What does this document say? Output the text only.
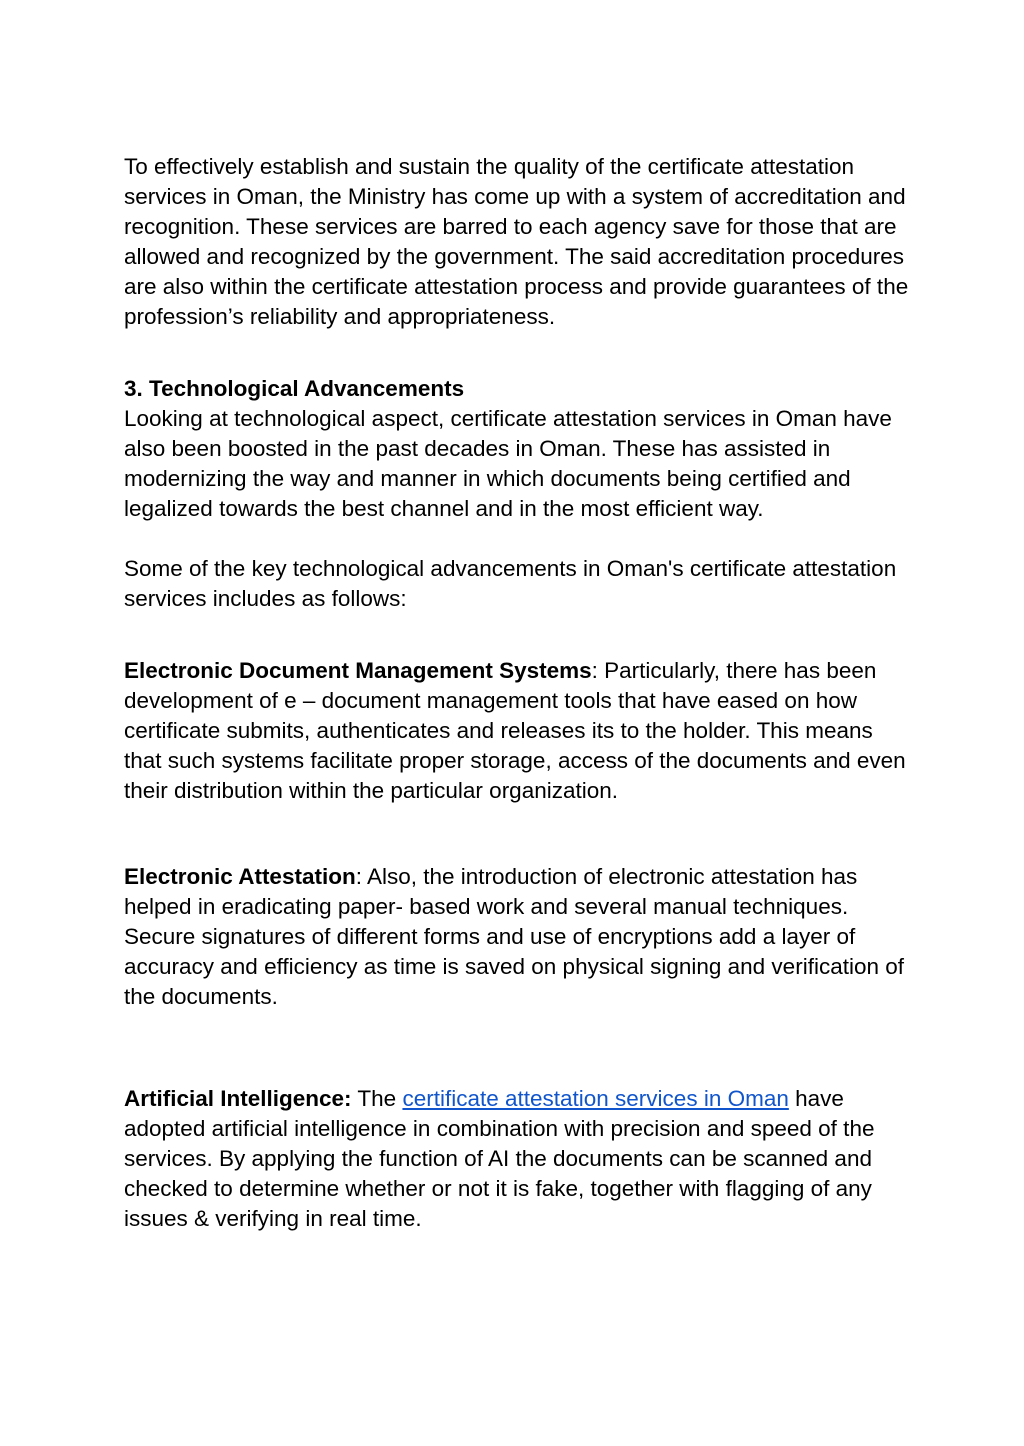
To effectively establish and sustain the quality of the certificate attestation services in Oman, the Ministry has come up with a system of accreditation and recognition. These services are barred to each agency save for those that are allowed and recognized by the government. The said accreditation procedures are also within the certificate attestation process and provide guarantees of the profession’s reliability and appropriateness.

3. Technological Advancements

Looking at technological aspect, certificate attestation services in Oman have also been boosted in the past decades in Oman. These has assisted in modernizing the way and manner in which documents being certified and legalized towards the best channel and in the most efficient way.

Some of the key technological advancements in Oman's certificate attestation services includes as follows:

Electronic Document Management Systems: Particularly, there has been development of e – document management tools that have eased on how certificate submits, authenticates and releases its to the holder. This means that such systems facilitate proper storage, access of the documents and even their distribution within the particular organization.

Electronic Attestation: Also, the introduction of electronic attestation has helped in eradicating paper- based work and several manual techniques. Secure signatures of different forms and use of encryptions add a layer of accuracy and efficiency as time is saved on physical signing and verification of the documents.

Artificial Intelligence: The certificate attestation services in Oman have adopted artificial intelligence in combination with precision and speed of the services. By applying the function of AI the documents can be scanned and checked to determine whether or not it is fake, together with flagging of any issues & verifying in real time.
